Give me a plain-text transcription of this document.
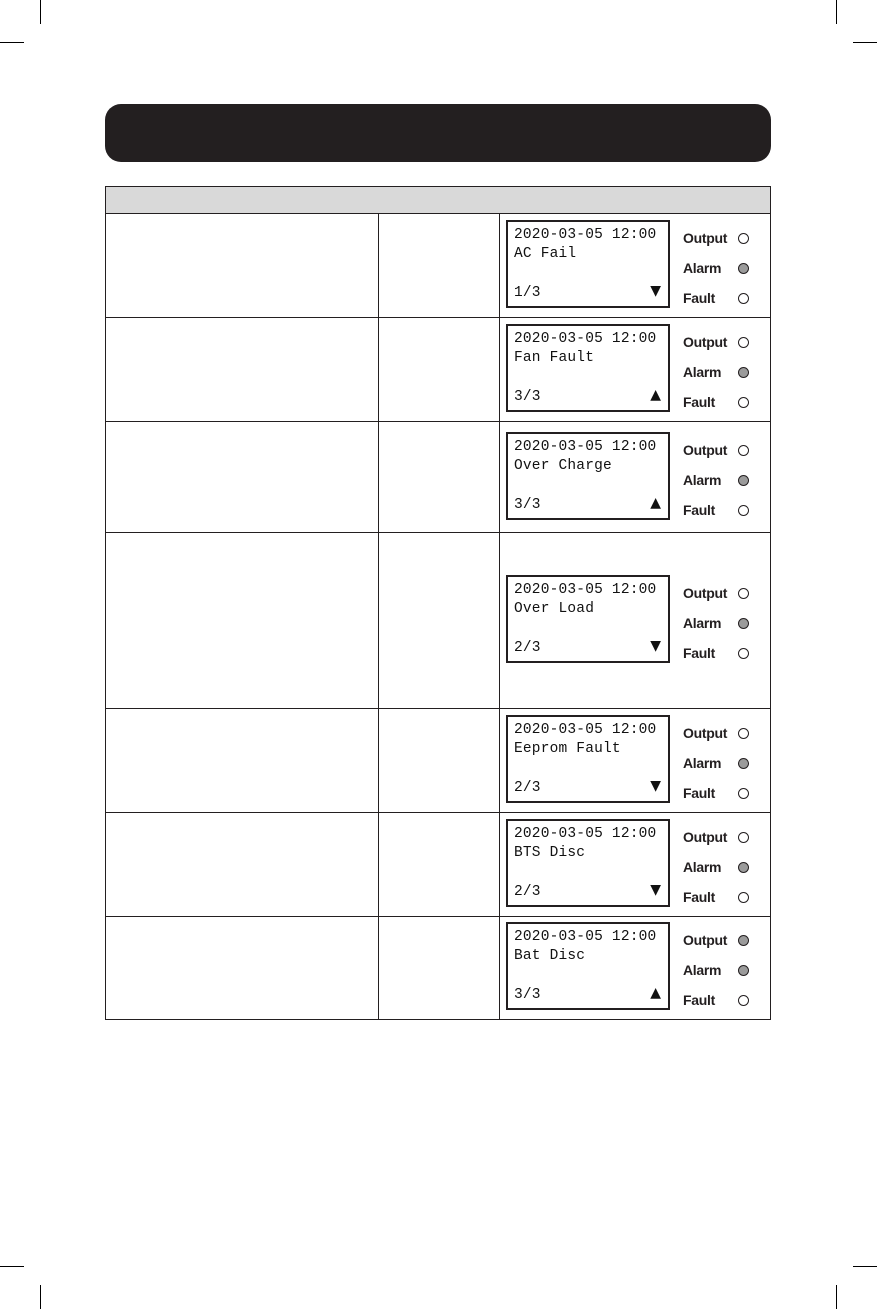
2020-03-05 12:00
AC Fail
1/3	▼
Output
Alarm
Fault
2020-03-05 12:00
Fan Fault
3/3	▲
Output
Alarm
Fault
2020-03-05 12:00
Over Charge
3/3	▲
Output
Alarm
Fault
2020-03-05 12:00
Over Load
2/3	▼
Output
Alarm
Fault
2020-03-05 12:00
Eeprom Fault
2/3	▼
Output
Alarm
Fault
2020-03-05 12:00
BTS Disc
2/3	▼
Output
Alarm
Fault
2020-03-05 12:00
Bat Disc
3/3	▲
Output
Alarm
Fault
